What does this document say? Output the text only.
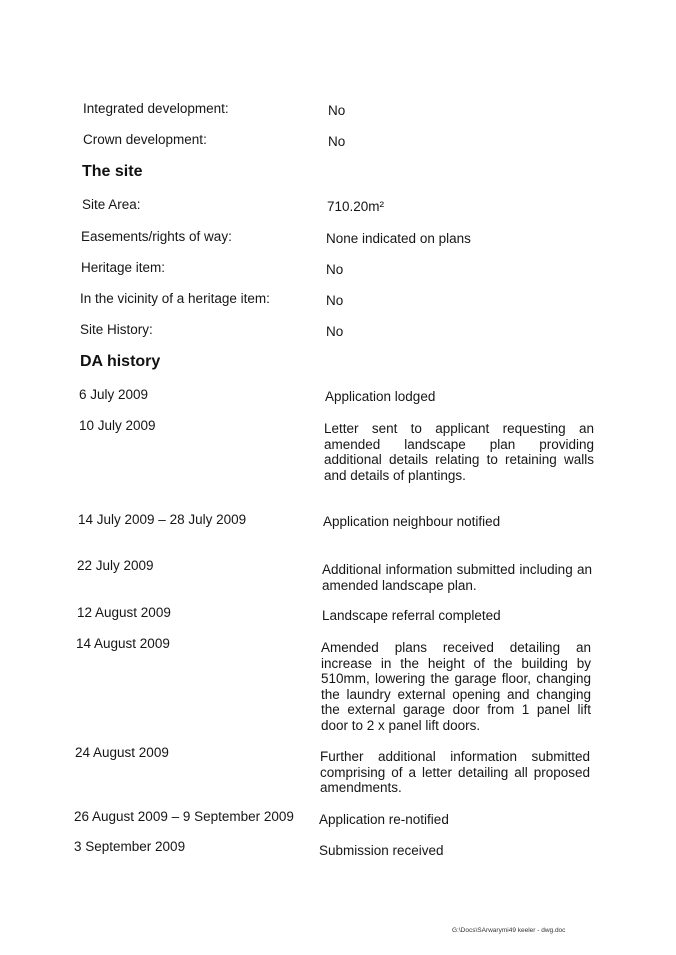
Integrated development:	No
Crown development:	No
The site
Site Area:	710.20m²
Easements/rights of way:	None indicated on plans
Heritage item:	No
In the vicinity of a heritage item:	No
Site History:	No
DA history
6 July 2009	Application lodged
10 July 2009	Letter sent to applicant requesting an amended landscape plan providing additional details relating to retaining walls and details of plantings.
14 July 2009 – 28 July 2009	Application neighbour notified
22 July 2009	Additional information submitted including an amended landscape plan.
12 August 2009	Landscape referral completed
14 August 2009	Amended plans received detailing an increase in the height of the building by 510mm, lowering the garage floor, changing the laundry external opening and changing the external garage door from 1 panel lift door to 2 x panel lift doors.
24 August 2009	Further additional information submitted comprising of a letter detailing all proposed amendments.
26 August 2009 – 9 September 2009 Application re-notified
3 September 2009	Submission received
G:\Docs\SArwarymi49 keeler - dwg.doc
